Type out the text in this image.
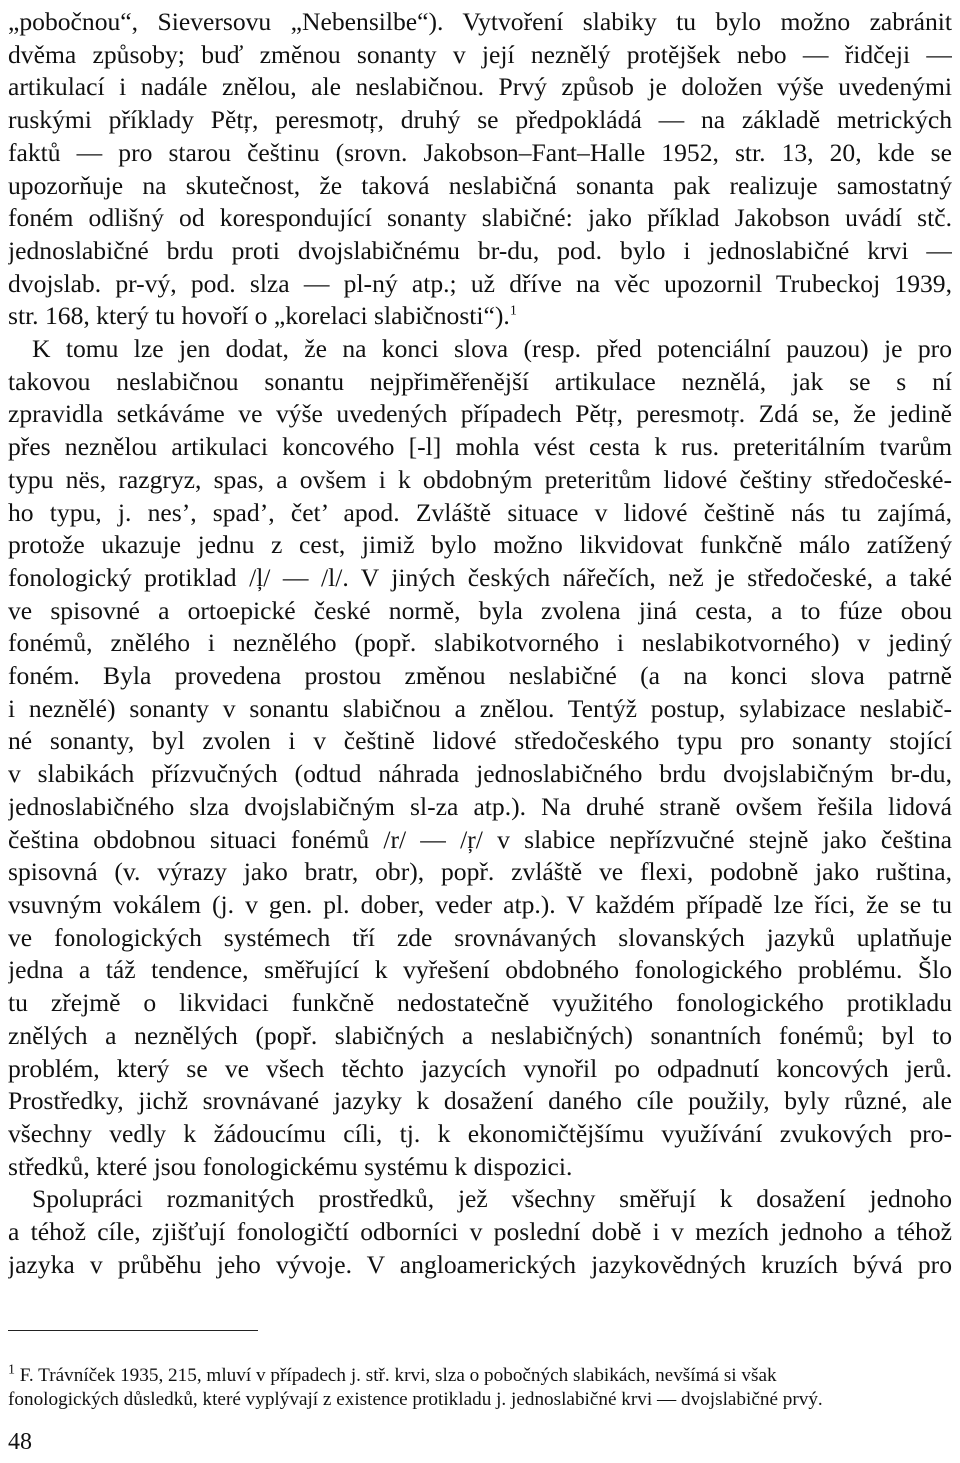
„pobočnou“, Sieversovu „Nebensilbe“). Vytvoření slabiky tu bylo možno zabránit
dvěma způsoby; buď změnou sonanty v její neznělý protějšek nebo — řidčeji —
artikulací i nadále znělou, ale neslabičnou. Prvý způsob je doložen výše uvedenými
ruskými příklady Pětŗ, peresmotŗ, druhý se předpokládá — na základě metrických
faktů — pro starou češtinu (srovn. Jakobson–Fant–Halle 1952, str. 13, 20, kde se
upozorňuje na skutečnost, že taková neslabičná sonanta pak realizuje samostatný
foném odlišný od korespondující sonanty slabičné: jako příklad Jakobson uvádí stč.
jednoslabičné brdu proti dvojslabičnému br-du, pod. bylo i jednoslabičné krvi —
dvojslab. pr-vý, pod. slza — pl-ný atp.; už dříve na věc upozornil Trubeckoj 1939,
str. 168, který tu hovoří o „korelaci slabičnosti“).$^1$
K tomu lze jen dodat, že na konci slova (resp. před potenciální pauzou) je pro
takovou neslabičnou sonantu nejpřiměřenější artikulace neznělá, jak se s ní
zpravidla setkáváme ve výše uvedených případech Pětŗ, peresmotŗ. Zdá se, že jedině
přes neznělou artikulaci koncového [-l] mohla vést cesta k rus. preteritálním tvarům
typu nës, razgryz, spas, a ovšem i k obdobným preteritům lidové češtiny středočeské-
ho typu, j. nes’, spad’, čet’ apod. Zvláště situace v lidové češtině nás tu zajímá,
protože ukazuje jednu z cest, jimiž bylo možno likvidovat funkčně málo zatížený
fonologický protiklad /ļ/ — /l/. V jiných českých nářečích, než je středočeské, a také
ve spisovné a ortoepické české normě, byla zvolena jiná cesta, a to fúze obou
fonémů, znělého i neznělého (popř. slabikotvorného i neslabikotvorného) v jediný
foném. Byla provedena prostou změnou neslabičné (a na konci slova patrně
i neznělé) sonanty v sonantu slabičnou a znělou. Tentýž postup, sylabizace neslabič-
né sonanty, byl zvolen i v češtině lidové středočeského typu pro sonanty stojící
v slabikách přízvučných (odtud náhrada jednoslabičného brdu dvojslabičným br-du,
jednoslabičného slza dvojslabičným sl-za atp.). Na druhé straně ovšem řešila lidová
čeština obdobnou situaci fonémů /r/ — /ŗ/ v slabice nepřízvučné stejně jako čeština
spisovná (v. výrazy jako bratr, obr), popř. zvláště ve flexi, podobně jako ruština,
vsuvným vokálem (j. v gen. pl. dober, veder atp.). V každém případě lze říci, že se tu
ve fonologických systémech tří zde srovnávaných slovanských jazyků uplatňuje
jedna a táž tendence, směřující k vyřešení obdobného fonologického problému. Šlo
tu zřejmě o likvidaci funkčně nedostatečně využitého fonologického protikladu
znělých a neznělých (popř. slabičných a neslabičných) sonantních fonémů; byl to
problém, který se ve všech těchto jazycích vynořil po odpadnutí koncových jerů.
Prostředky, jichž srovnávané jazyky k dosažení daného cíle použily, byly různé, ale
všechny vedly k žádoucímu cíli, tj. k ekonomičtějšímu využívání zvukových pro-
středků, které jsou fonologickému systému k dispozici.
Spolupráci rozmanitých prostředků, jež všechny směřují k dosažení jednoho
a téhož cíle, zjišťují fonologičtí odborníci v poslední době i v mezích jednoho a téhož
jazyka v průběhu jeho vývoje. V angloamerických jazykovědných kruzích bývá pro
$^1$ F. Trávníček 1935, 215, mluví v případech j. stř. krvi, slza o pobočných slabikách, nevšímá si však
fonologických důsledků, které vyplývají z existence protikladu j. jednoslabičné krvi — dvojslabičné prvý.
48
